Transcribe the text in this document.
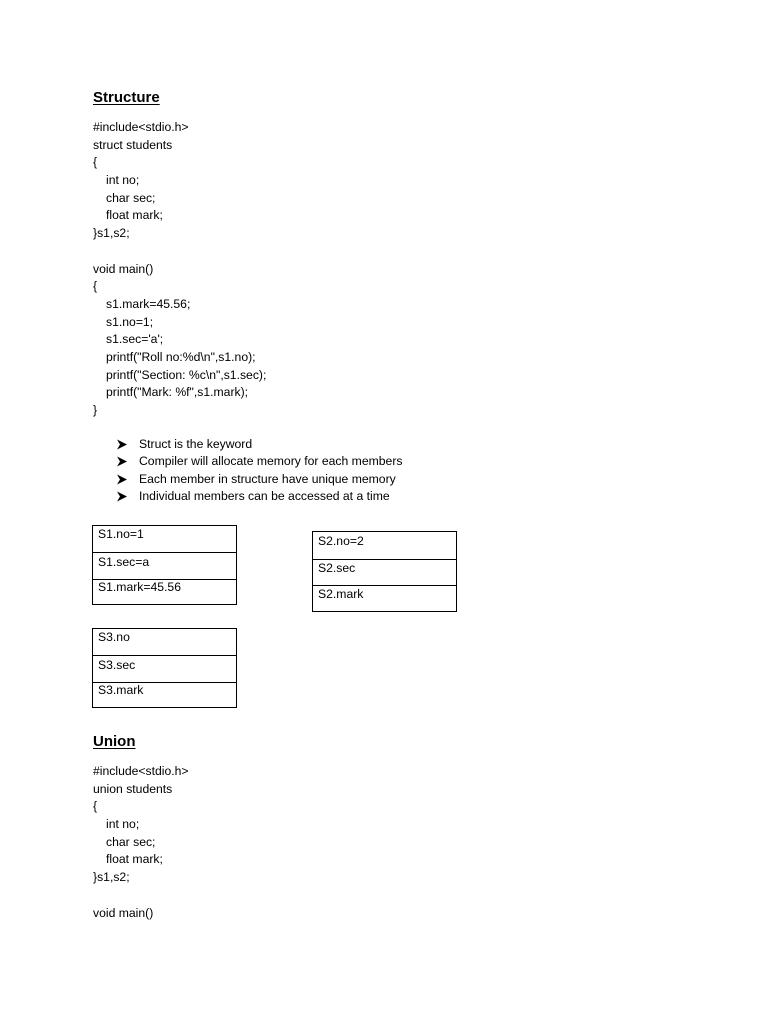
Structure
#include<stdio.h>
struct students
{
int no;
char sec;
float mark;
}s1,s2;
void main()
{
s1.mark=45.56;
s1.no=1;
s1.sec='a';
printf("Roll no:%d\n",s1.no);
printf("Section: %c\n",s1.sec);
printf("Mark: %f",s1.mark);
}
Struct is the keyword
Compiler will allocate memory for each members
Each member in structure have unique memory
Individual members can be accessed at a time
S1.no=1
S1.sec=a
S1.mark=45.56
S2.no=2
S2.sec
S2.mark
S3.no
S3.sec
S3.mark
Union
#include<stdio.h>
union students
{
int no;
char sec;
float mark;
}s1,s2;
void main()
